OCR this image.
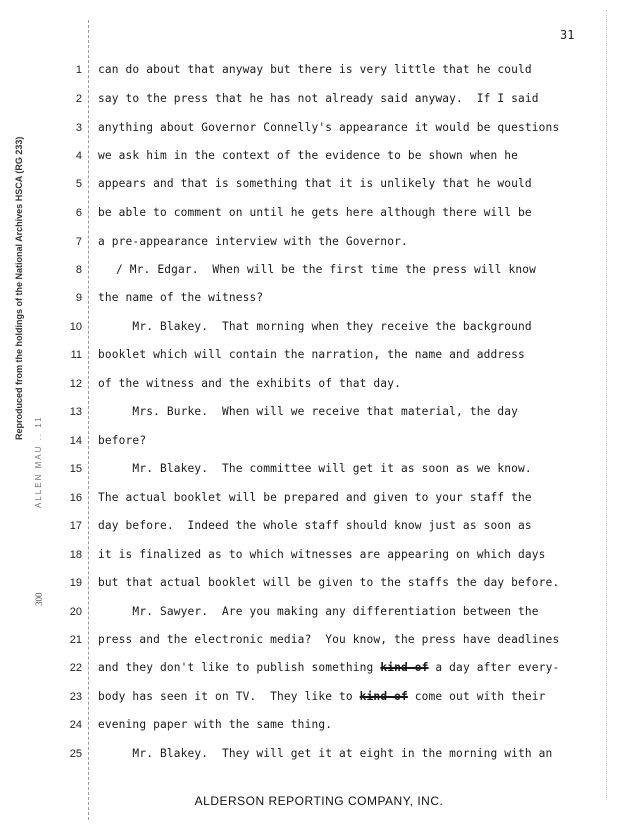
Reproduced from the holdings of the National Archives HSCA (RG 233)
ALLEN MAU .. 11
300
31
1
2
3
4
5
6
7
8
9
10
11
12
13
14
15
16
17
18
19
20
21
22
23
24
25
can do about that anyway but there is very little that he could
say to the press that he has not already said anyway.  If I said
anything about Governor Connelly's appearance it would be questions
we ask him in the context of the evidence to be shown when he
appears and that is something that it is unlikely that he would
be able to comment on until he gets here although there will be
a pre-appearance interview with the Governor.
/ Mr. Edgar.  When will be the first time the press will know
the name of the witness?
Mr. Blakey.  That morning when they receive the background
booklet which will contain the narration, the name and address
of the witness and the exhibits of that day.
Mrs. Burke.  When will we receive that material, the day
before?
Mr. Blakey.  The committee will get it as soon as we know.
The actual booklet will be prepared and given to your staff the
day before.  Indeed the whole staff should know just as soon as
it is finalized as to which witnesses are appearing on which days
but that actual booklet will be given to the staffs the day before.
Mr. Sawyer.  Are you making any differentiation between the
press and the electronic media?  You know, the press have deadlines
and they don't like to publish something kind of a day after every-
body has seen it on TV.  They like to kind of come out with their
evening paper with the same thing.
Mr. Blakey.  They will get it at eight in the morning with an
ALDERSON REPORTING COMPANY, INC.
